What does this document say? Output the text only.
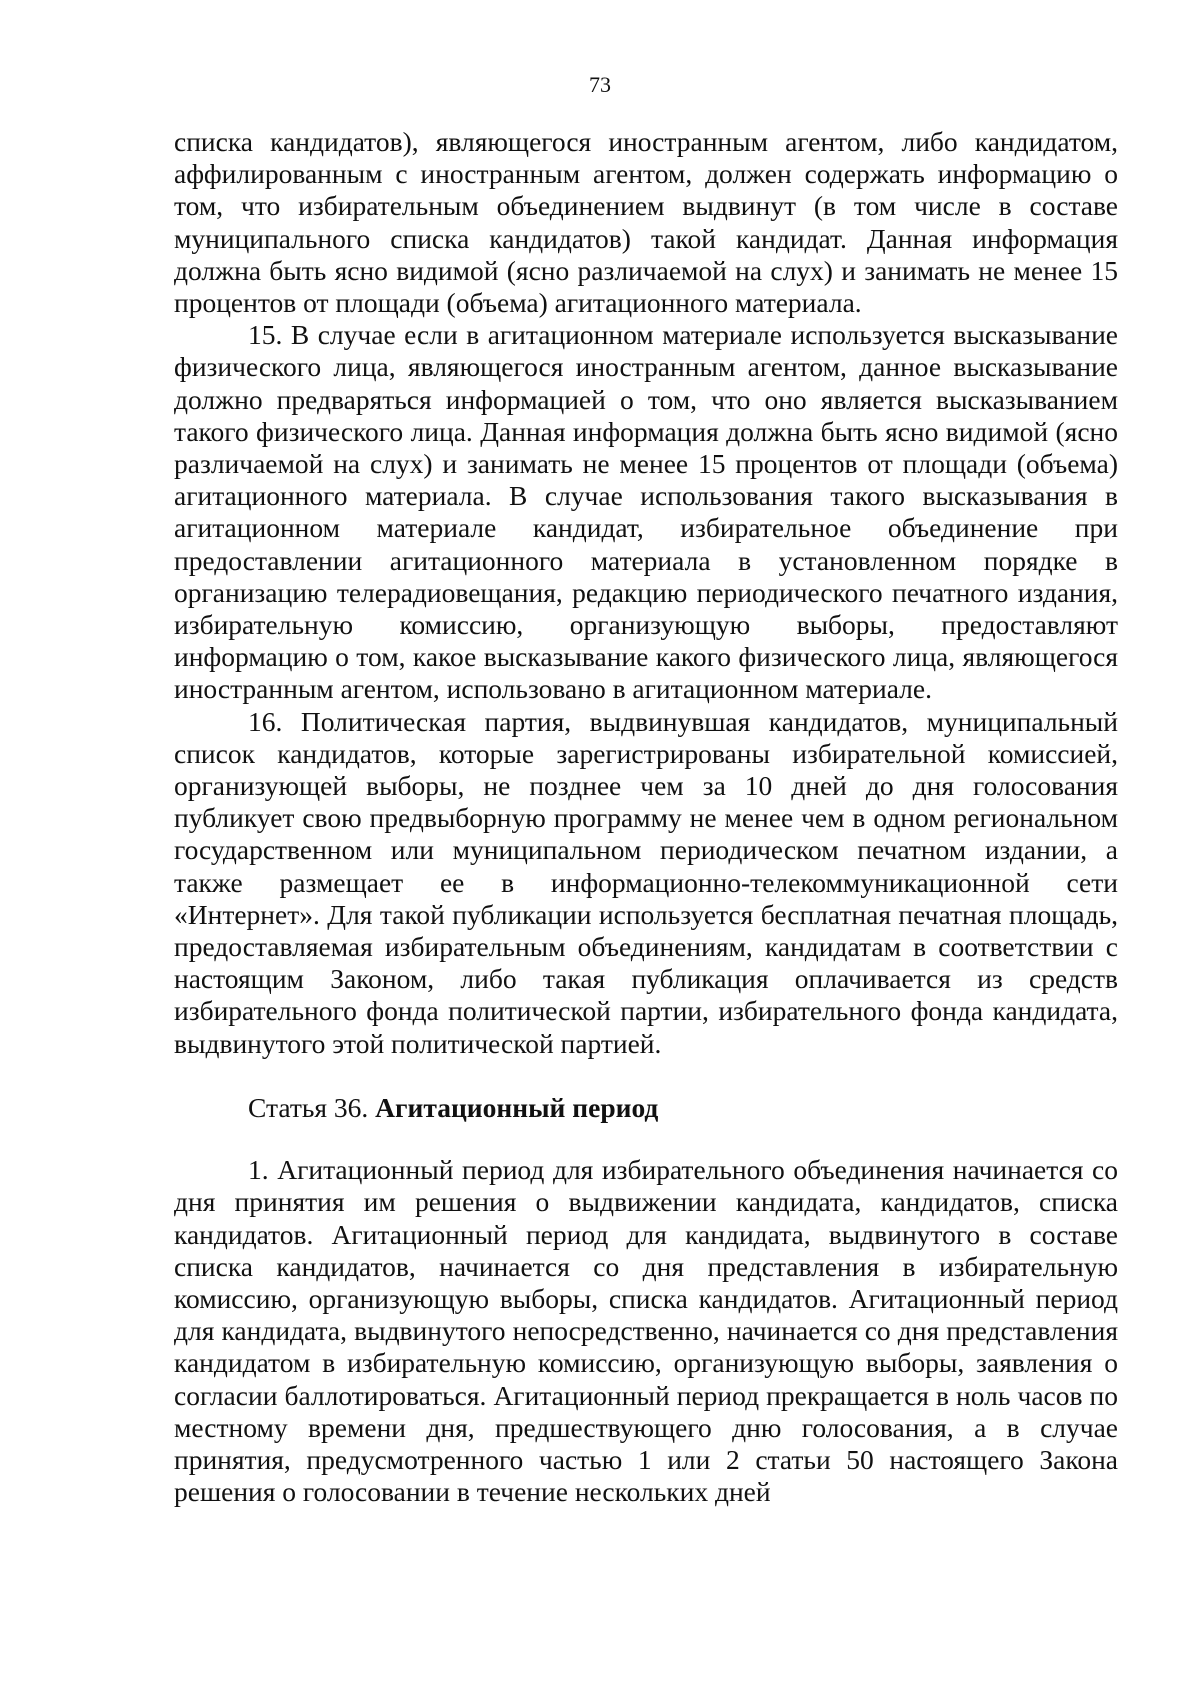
73

списка кандидатов), являющегося иностранным агентом, либо кандидатом, аффилированным с иностранным агентом, должен содержать информацию о том, что избирательным объединением выдвинут (в том числе в составе муниципального списка кандидатов) такой кандидат. Данная информация должна быть ясно видимой (ясно различаемой на слух) и занимать не менее 15 процентов от площади (объема) агитационного материала.

15. В случае если в агитационном материале используется высказывание физического лица, являющегося иностранным агентом, данное высказывание должно предваряться информацией о том, что оно является высказыванием такого физического лица. Данная информация должна быть ясно видимой (ясно различаемой на слух) и занимать не менее 15 процентов от площади (объема) агитационного материала. В случае использования такого высказывания в агитационном материале кандидат, избирательное объединение при предоставлении агитационного материала в установленном порядке в организацию телерадиовещания, редакцию периодического печатного издания, избирательную комиссию, организующую выборы, предоставляют информацию о том, какое высказывание какого физического лица, являющегося иностранным агентом, использовано в агитационном материале.

16. Политическая партия, выдвинувшая кандидатов, муниципальный список кандидатов, которые зарегистрированы избирательной комиссией, организующей выборы, не позднее чем за 10 дней до дня голосования публикует свою предвыборную программу не менее чем в одном региональном государственном или муниципальном периодическом печатном издании, а также размещает ее в информационно-телекоммуникационной сети «Интернет». Для такой публикации используется бесплатная печатная площадь, предоставляемая избирательным объединениям, кандидатам в соответствии с настоящим Законом, либо такая публикация оплачивается из средств избирательного фонда политической партии, избирательного фонда кандидата, выдвинутого этой политической партией.

Статья 36. Агитационный период

1. Агитационный период для избирательного объединения начинается со дня принятия им решения о выдвижении кандидата, кандидатов, списка кандидатов. Агитационный период для кандидата, выдвинутого в составе списка кандидатов, начинается со дня представления в избирательную комиссию, организующую выборы, списка кандидатов. Агитационный период для кандидата, выдвинутого непосредственно, начинается со дня представления кандидатом в избирательную комиссию, организующую выборы, заявления о согласии баллотироваться. Агитационный период прекращается в ноль часов по местному времени дня, предшествующего дню голосования, а в случае принятия, предусмотренного частью 1 или 2 статьи 50 настоящего Закона решения о голосовании в течение нескольких дней
